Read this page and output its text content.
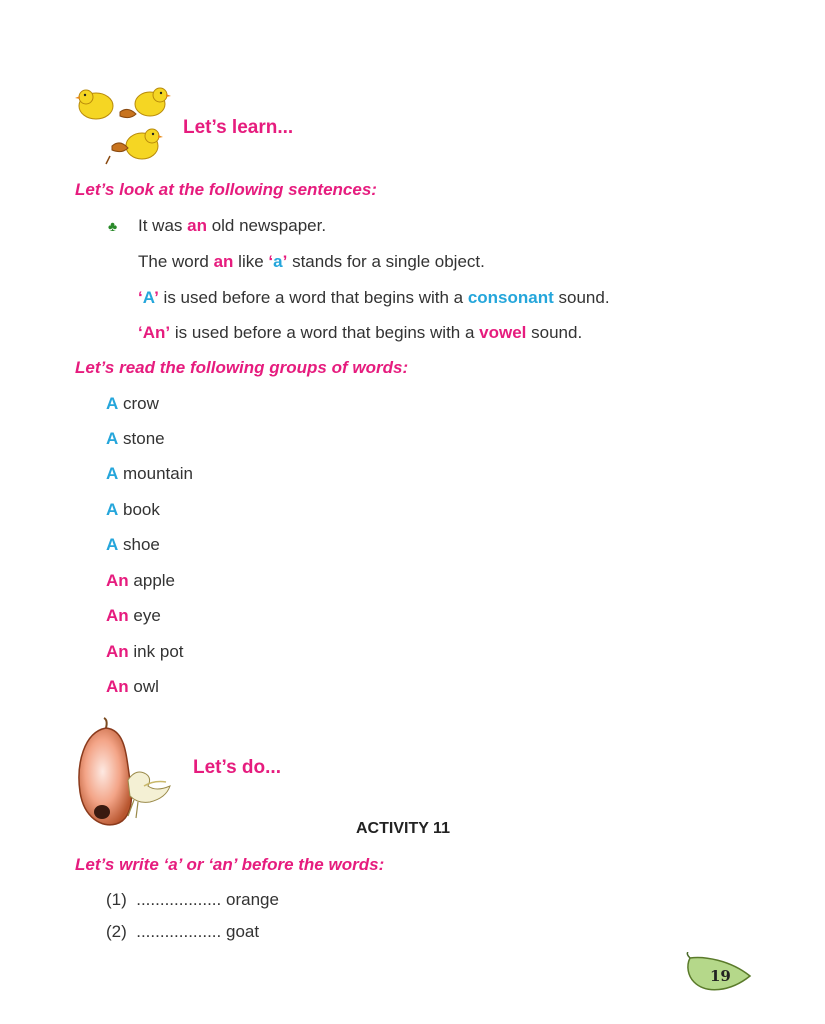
Let’s learn...
Let’s look at the following sentences:
♣ It was an old newspaper.
The word an like ‘a’ stands for a single object.
‘A’ is used before a word that begins with a consonant sound.
‘An’ is used before a word that begins with a vowel sound.
Let’s read the following groups of words:
A crow
A stone
A mountain
A book
A shoe
An apple
An eye
An ink pot
An owl
Let’s do...
ACTIVITY 11
Let’s write ‘a’ or ‘an’ before the words:
(1) .................. orange
(2) .................. goat
19
